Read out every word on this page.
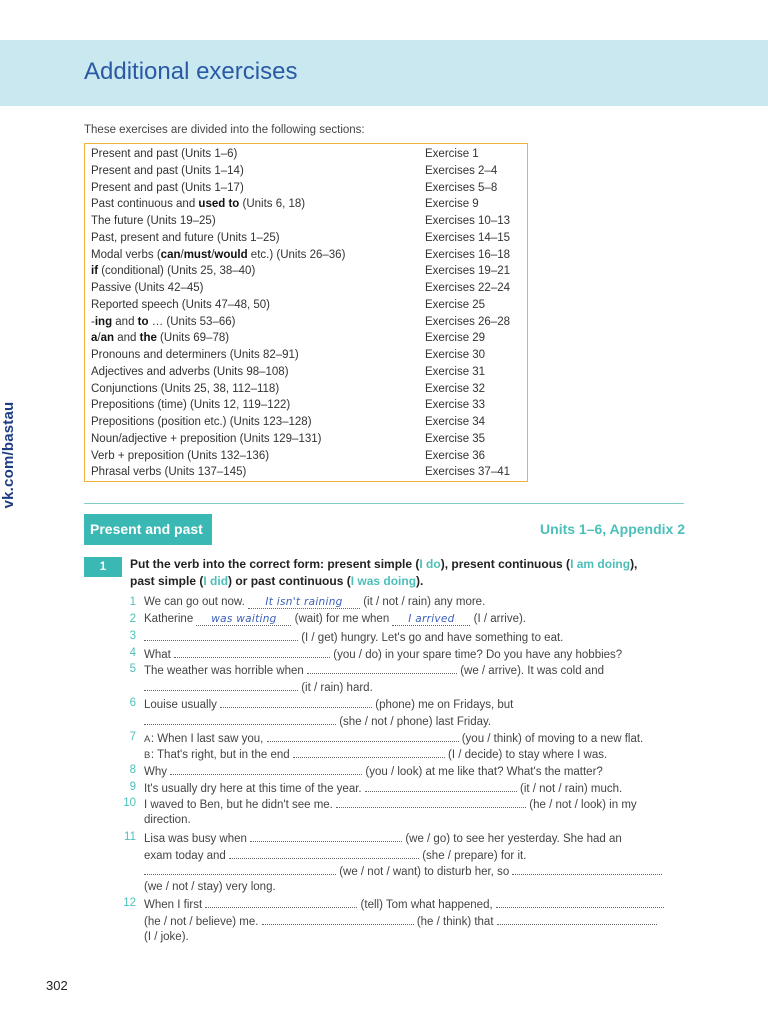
Additional exercises
vk.com/bastau
These exercises are divided into the following sections:
Present and past (Units 1–6)	Exercise 1
Present and past (Units 1–14)	Exercises 2–4
Present and past (Units 1–17)	Exercises 5–8
Past continuous and used to (Units 6, 18)	Exercise 9
The future (Units 19–25)	Exercises 10–13
Past, present and future (Units 1–25)	Exercises 14–15
Modal verbs (can/must/would etc.) (Units 26–36)	Exercises 16–18
if (conditional) (Units 25, 38–40)	Exercises 19–21
Passive (Units 42–45)	Exercises 22–24
Reported speech (Units 47–48, 50)	Exercise 25
-ing and to … (Units 53–66)	Exercises 26–28
a/an and the (Units 69–78)	Exercise 29
Pronouns and determiners (Units 82–91)	Exercise 30
Adjectives and adverbs (Units 98–108)	Exercise 31
Conjunctions (Units 25, 38, 112–118)	Exercise 32
Prepositions (time) (Units 12, 119–122)	Exercise 33
Prepositions (position etc.) (Units 123–128)	Exercise 34
Noun/adjective + preposition (Units 129–131)	Exercise 35
Verb + preposition (Units 132–136)	Exercise 36
Phrasal verbs (Units 137–145)	Exercises 37–41
Present and past	Units 1–6, Appendix 2
1	Put the verb into the correct form: present simple (I do), present continuous (I am doing),
past simple (I did) or past continuous (I was doing).
1
2
3
4
5
6
7
8
9
10
11
12
We can go out now. It isn't raining (it / not / rain) any more.
Katherine was waiting (wait) for me when I arrived (I / arrive).
(I / get) hungry. Let's go and have something to eat.
What	(you / do) in your spare time? Do you have any hobbies?
The weather was horrible when	(we / arrive). It was cold and
(it / rain) hard.
Louise usually	(phone) me on Fridays, but
(she / not / phone) last Friday.
A: When I last saw you,	(you / think) of moving to a new flat.
B: That's right, but in the end	(I / decide) to stay where I was.
Why	(you / look) at me like that? What's the matter?
It's usually dry here at this time of the year.	(it / not / rain) much.
I waved to Ben, but he didn't see me.	(he / not / look) in my
direction.
Lisa was busy when	(we / go) to see her yesterday. She had an
exam today and	(she / prepare) for it.
(we / not / want) to disturb her, so
(we / not / stay) very long.
When I first	(tell) Tom what happened,
(he / not / believe) me.	(he / think) that
(I / joke).
302
